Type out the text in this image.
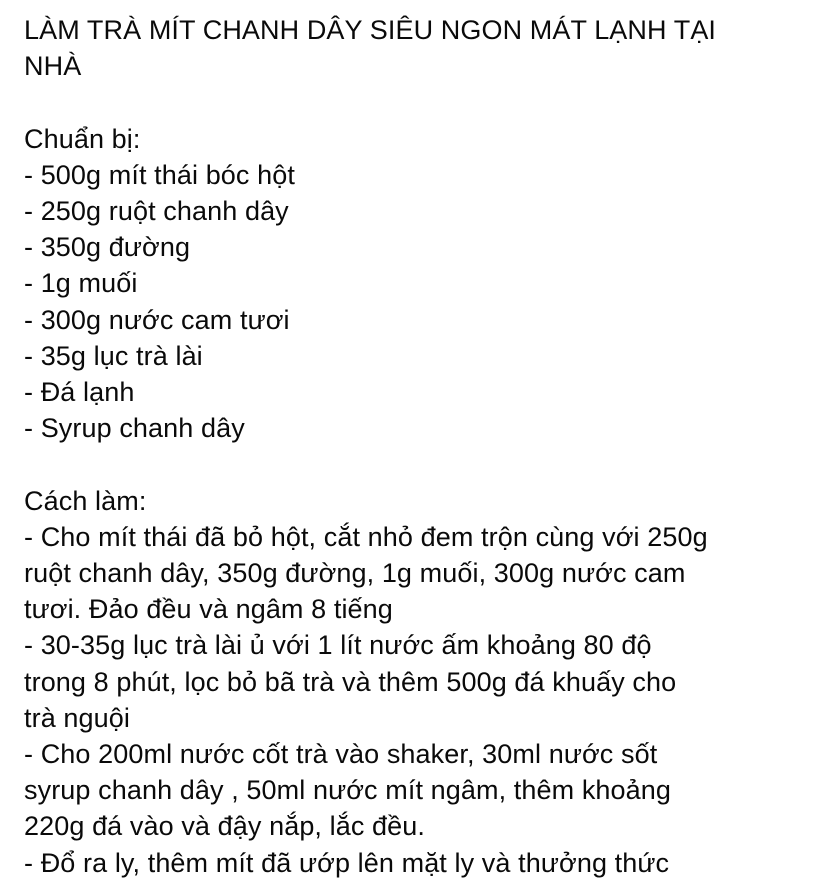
LÀM TRÀ MÍT CHANH DÂY SIÊU NGON MÁT LẠNH TẠI
NHÀ
Chuẩn bị:
- 500g mít thái bóc hột
- 250g ruột chanh dây
- 350g đường
- 1g muối
- 300g nước cam tươi
- 35g lục trà lài
- Đá lạnh
- Syrup chanh dây
Cách làm:
- Cho mít thái đã bỏ hột, cắt nhỏ đem trộn cùng với 250g
ruột chanh dây, 350g đường, 1g muối, 300g nước cam
tươi. Đảo đều và ngâm 8 tiếng
- 30-35g lục trà lài ủ với 1 lít nước ấm khoảng 80 độ
trong 8 phút, lọc bỏ bã trà và thêm 500g đá khuấy cho
trà nguội
- Cho 200ml nước cốt trà vào shaker, 30ml nước sốt
syrup chanh dây , 50ml nước mít ngâm, thêm khoảng
220g đá vào và đậy nắp, lắc đều.
- Đổ ra ly, thêm mít đã ướp lên mặt ly và thưởng thức
